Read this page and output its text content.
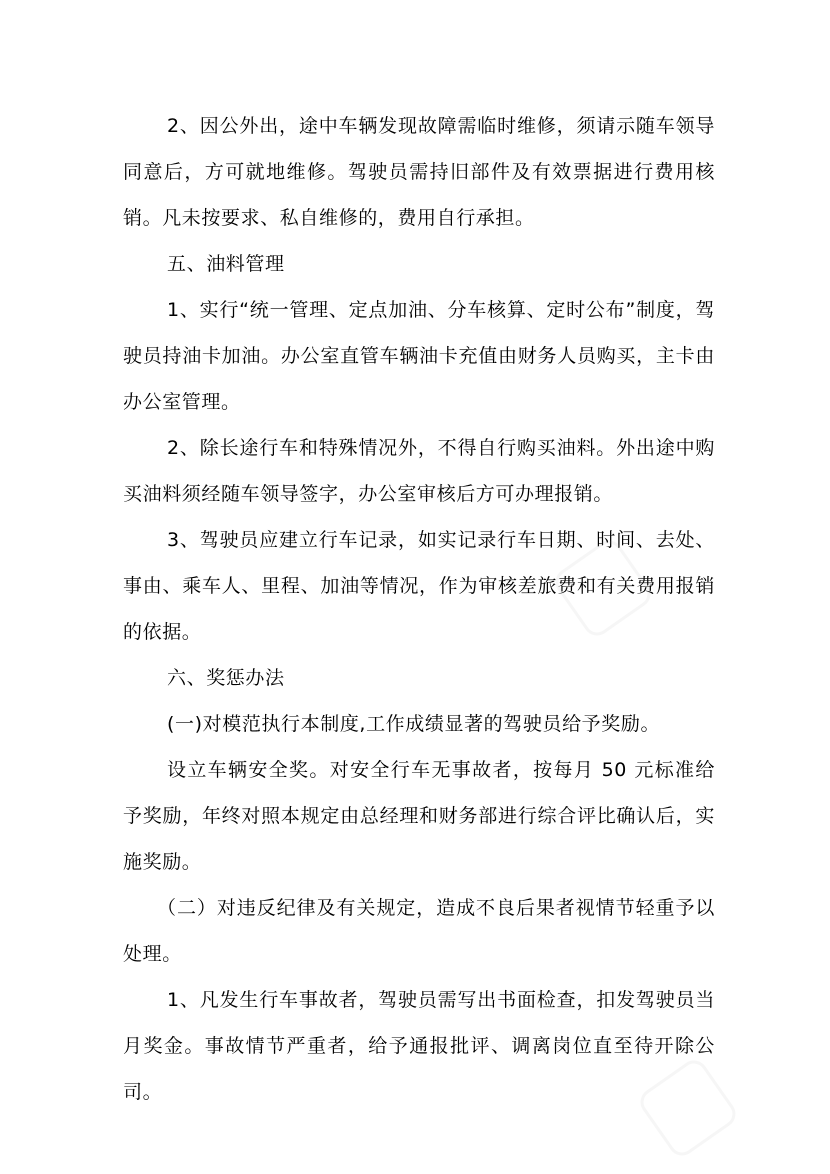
2、因公外出，途中车辆发现故障需临时维修，须请示随车领导同意后，方可就地维修。驾驶员需持旧部件及有效票据进行费用核销。凡未按要求、私自维修的，费用自行承担。

五、油料管理

1、实行“统一管理、定点加油、分车核算、定时公布”制度，驾驶员持油卡加油。办公室直管车辆油卡充值由财务人员购买，主卡由办公室管理。

2、除长途行车和特殊情况外，不得自行购买油料。外出途中购买油料须经随车领导签字，办公室审核后方可办理报销。

3、驾驶员应建立行车记录，如实记录行车日期、时间、去处、事由、乘车人、里程、加油等情况，作为审核差旅费和有关费用报销的依据。

六、奖惩办法

(一)对模范执行本制度,工作成绩显著的驾驶员给予奖励。

设立车辆安全奖。对安全行车无事故者，按每月 50 元标准给予奖励，年终对照本规定由总经理和财务部进行综合评比确认后，实施奖励。

（二）对违反纪律及有关规定，造成不良后果者视情节轻重予以处理。

1、凡发生行车事故者，驾驶员需写出书面检查，扣发驾驶员当月奖金。事故情节严重者，给予通报批评、调离岗位直至待开除公司。
